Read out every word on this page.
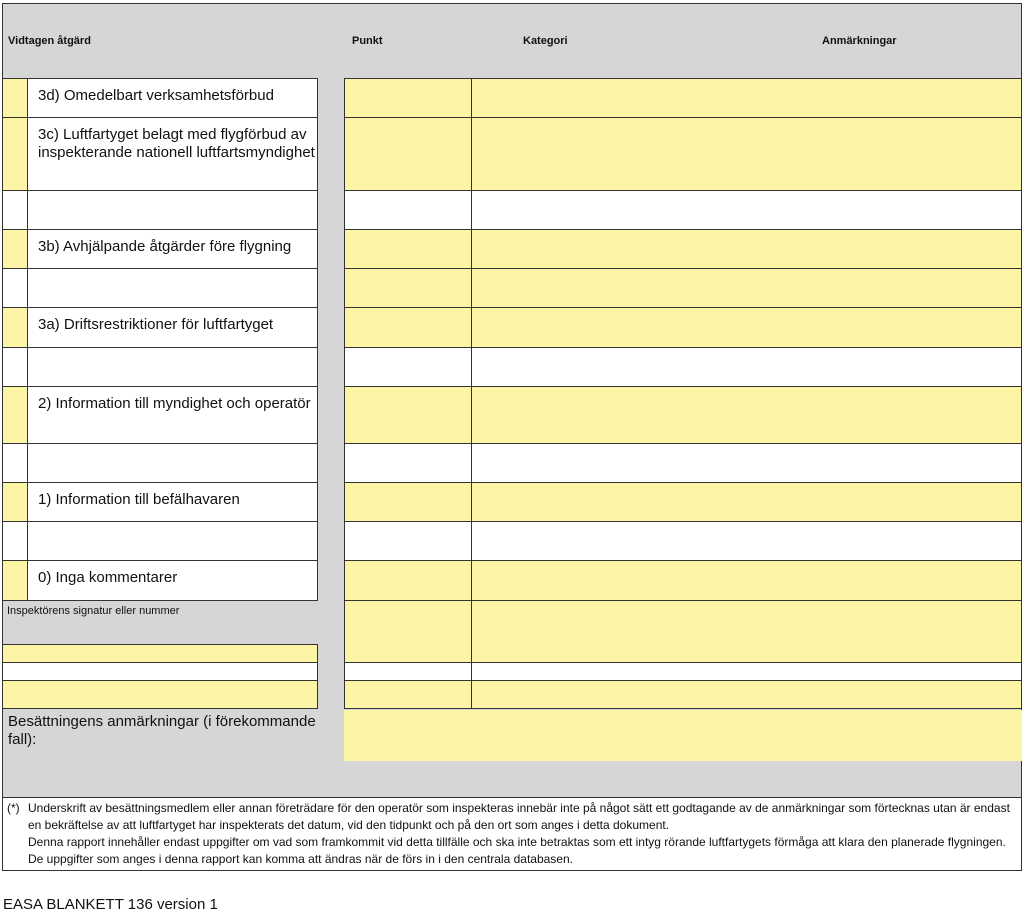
Vidtagen åtgärd	Punkt	Kategori	Anmärkningar
3d) Omedelbart verksamhetsförbud
3c) Luftfartyget belagt med flygförbud av inspekterande nationell luftfartsmyndighet
3b) Avhjälpande åtgärder före flygning
3a) Driftsrestriktioner för luftfartyget
2) Information till myndighet och operatör
1) Information till befälhavaren
0) Inga kommentarer
Inspektörens signatur eller nummer
Besättningens anmärkningar (i förekommande fall):
(*) Underskrift av besättningsmedlem eller annan företrädare för den operatör som inspekteras innebär inte på något sätt ett godtagande av de anmärkningar som förtecknas utan är endast en bekräftelse av att luftfartyget har inspekterats det datum, vid den tidpunkt och på den ort som anges i detta dokument.
Denna rapport innehåller endast uppgifter om vad som framkommit vid detta tillfälle och ska inte betraktas som ett intyg rörande luftfartygets förmåga att klara den planerade flygningen. De uppgifter som anges i denna rapport kan komma att ändras när de förs in i den centrala databasen.
EASA BLANKETT 136 version 1
